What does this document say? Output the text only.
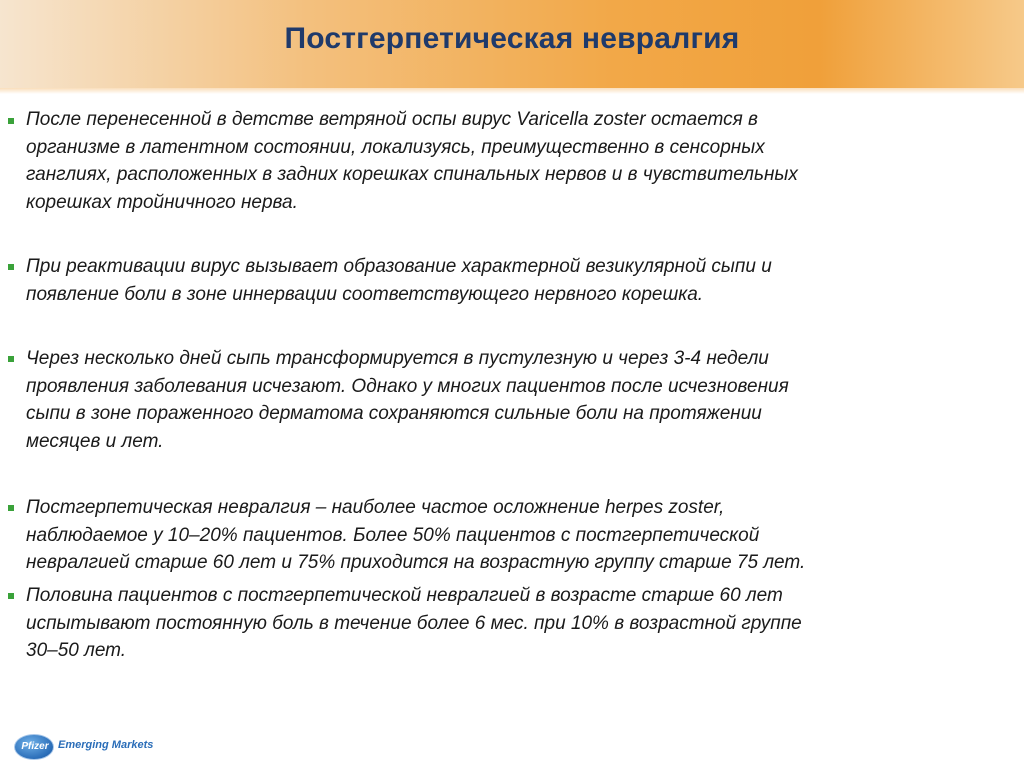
Постгерпетическая невралгия

После перенесенной в детстве ветряной оспы вирус Varicella zoster остается в
организме в латентном состоянии, локализуясь, преимущественно в сенсорных
ганглиях, расположенных в задних корешках спинальных нервов и в чувствительных
корешках тройничного нерва.

При реактивации вирус вызывает образование характерной везикулярной сыпи и
появление боли в зоне иннервации соответствующего нервного корешка.

Через несколько дней сыпь трансформируется в пустулезную и через 3-4 недели
проявления заболевания исчезают. Однако у многих пациентов после исчезновения
сыпи в зоне пораженного дерматома сохраняются сильные боли на протяжении
месяцев и лет.

Постгерпетическая невралгия – наиболее частое осложнение herpes zoster,
наблюдаемое у 10–20% пациентов. Более 50% пациентов с постгерпетической
невралгией старше 60 лет и 75% приходится на возрастную группу старше 75 лет.

Половина пациентов с постгерпетической невралгией в возрасте старше 60 лет
испытывают постоянную боль в течение более 6 мес. при 10% в возрастной группе
30–50 лет.

Pfizer Emerging Markets
